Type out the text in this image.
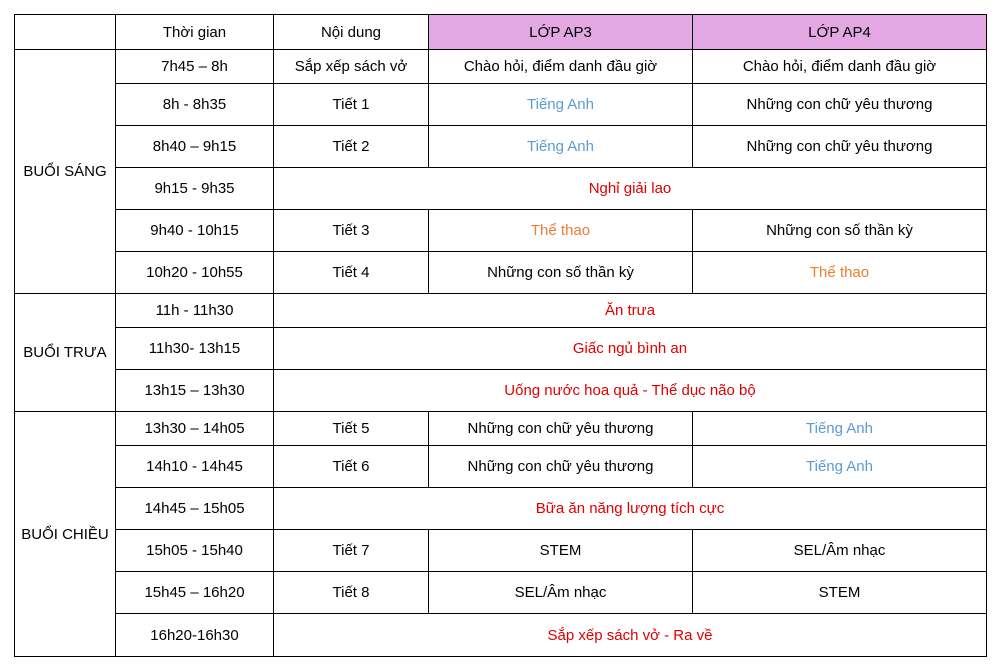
	Thời gian	Nội dung	LỚP AP3	LỚP AP4
BUỔI SÁNG	7h45 – 8h	Sắp xếp sách vở	Chào hỏi, điểm danh đầu giờ	Chào hỏi, điểm danh đầu giờ
	8h - 8h35	Tiết 1	Tiếng Anh	Những con chữ yêu thương
	8h40 – 9h15	Tiết 2	Tiếng Anh	Những con chữ yêu thương
	9h15 - 9h35	Nghỉ giải lao		
	9h40 - 10h15	Tiết 3	Thể thao	Những con số thần kỳ
	10h20 - 10h55	Tiết 4	Những con số thần kỳ	Thể thao
BUỔI TRƯA	11h - 11h30	Ăn trưa		
	11h30- 13h15	Giấc ngủ bình an		
	13h15 – 13h30	Uống nước hoa quả - Thể dục não bộ		
BUỔI CHIỀU	13h30 – 14h05	Tiết 5	Những con chữ yêu thương	Tiếng Anh
	14h10 - 14h45	Tiết 6	Những con chữ yêu thương	Tiếng Anh
	14h45 – 15h05	Bữa ăn năng lượng tích cực		
	15h05 - 15h40	Tiết 7	STEM	SEL/Âm nhạc
	15h45 – 16h20	Tiết 8	SEL/Âm nhạc	STEM
	16h20-16h30	Sắp xếp sách vở - Ra về		
